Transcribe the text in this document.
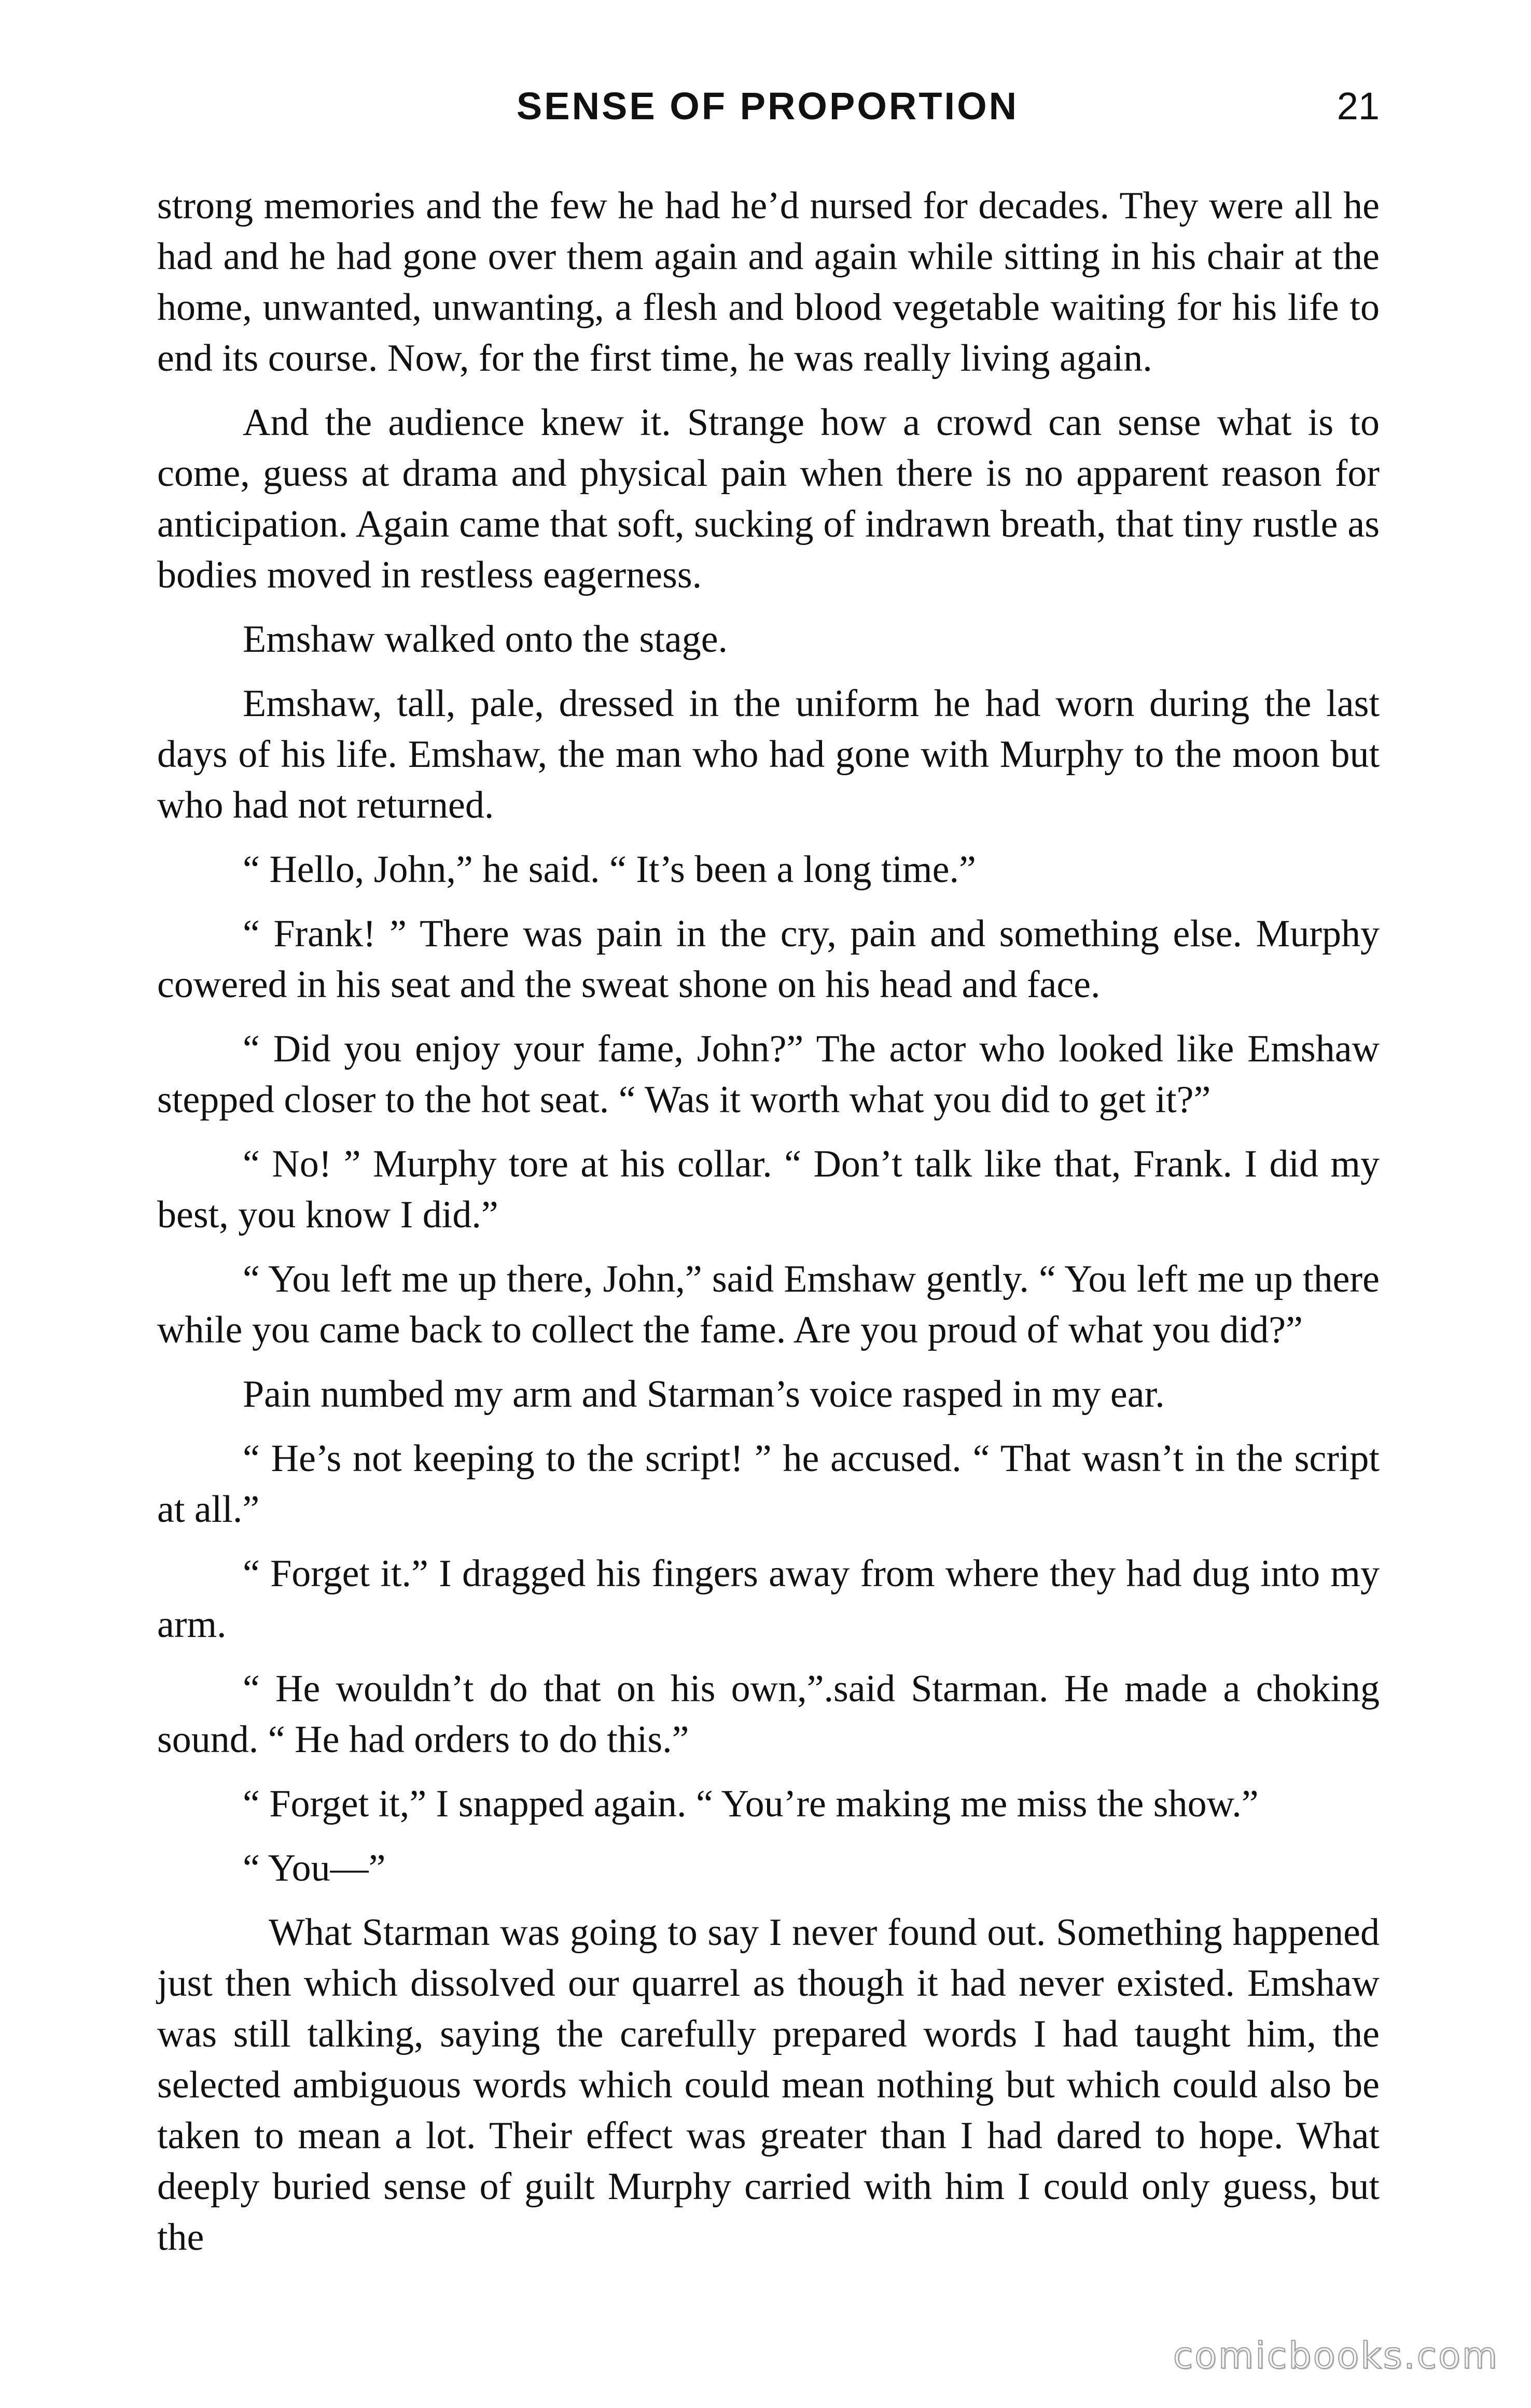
SENSE OF PROPORTION	21

strong memories and the few he had he’d nursed for decades. They were all he had and he had gone over them again and again while sitting in his chair at the home, unwanted, unwanting, a flesh and blood vegetable waiting for his life to end its course. Now, for the first time, he was really living again.

And the audience knew it. Strange how a crowd can sense what is to come, guess at drama and physical pain when there is no apparent reason for anticipation. Again came that soft, sucking of indrawn breath, that tiny rustle as bodies moved in restless eagerness.

Emshaw walked onto the stage.

Emshaw, tall, pale, dressed in the uniform he had worn during the last days of his life. Emshaw, the man who had gone with Murphy to the moon but who had not returned.

“ Hello, John,” he said. “ It’s been a long time.”

“ Frank! ” There was pain in the cry, pain and something else. Murphy cowered in his seat and the sweat shone on his head and face.

“ Did you enjoy your fame, John?” The actor who looked like Emshaw stepped closer to the hot seat. “ Was it worth what you did to get it?”

“ No! ” Murphy tore at his collar. “ Don’t talk like that, Frank. I did my best, you know I did.”

“ You left me up there, John,” said Emshaw gently. “ You left me up there while you came back to collect the fame. Are you proud of what you did?”

Pain numbed my arm and Starman’s voice rasped in my ear.

“ He’s not keeping to the script! ” he accused. “ That wasn’t in the script at all.”

“ Forget it.” I dragged his fingers away from where they had dug into my arm.

“ He wouldn’t do that on his own,”.said Starman. He made a choking sound. “ He had orders to do this.”

“ Forget it,” I snapped again. “ You’re making me miss the show.”

“ You—”

What Starman was going to say I never found out. Something happened just then which dissolved our quarrel as though it had never existed. Emshaw was still talking, saying the carefully prepared words I had taught him, the selected ambiguous words which could mean nothing but which could also be taken to mean a lot. Their effect was greater than I had dared to hope. What deeply buried sense of guilt Murphy carried with him I could only guess, but the

comicbooks.com
